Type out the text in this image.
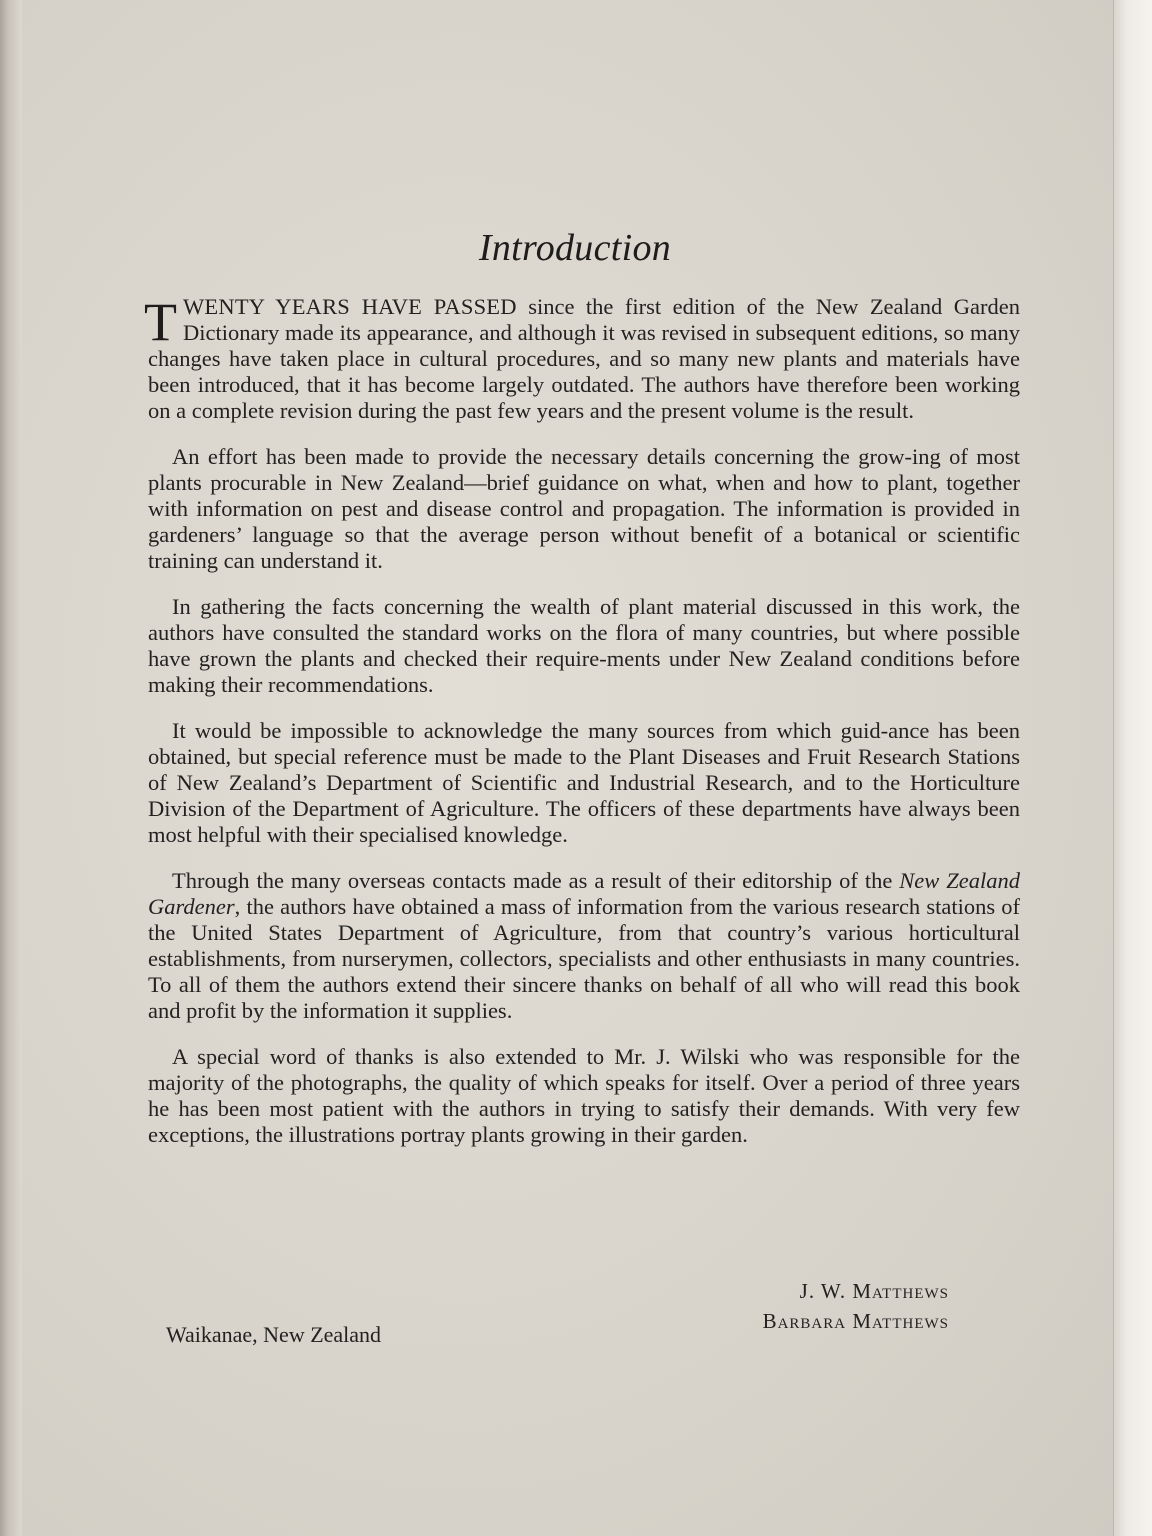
Introduction

TWENTY YEARS HAVE PASSED since the first edition of the New Zealand Garden Dictionary made its appearance, and although it was revised in subsequent editions, so many changes have taken place in cultural procedures, and so many new plants and materials have been introduced, that it has become largely outdated. The authors have therefore been working on a complete revision during the past few years and the present volume is the result.

An effort has been made to provide the necessary details concerning the grow-ing of most plants procurable in New Zealand—brief guidance on what, when and how to plant, together with information on pest and disease control and propagation. The information is provided in gardeners’ language so that the average person without benefit of a botanical or scientific training can understand it.

In gathering the facts concerning the wealth of plant material discussed in this work, the authors have consulted the standard works on the flora of many countries, but where possible have grown the plants and checked their require-ments under New Zealand conditions before making their recommendations.

It would be impossible to acknowledge the many sources from which guid-ance has been obtained, but special reference must be made to the Plant Diseases and Fruit Research Stations of New Zealand’s Department of Scientific and Industrial Research, and to the Horticulture Division of the Department of Agriculture. The officers of these departments have always been most helpful with their specialised knowledge.

Through the many overseas contacts made as a result of their editorship of the New Zealand Gardener, the authors have obtained a mass of information from the various research stations of the United States Department of Agriculture, from that country’s various horticultural establishments, from nurserymen, collectors, specialists and other enthusiasts in many countries. To all of them the authors extend their sincere thanks on behalf of all who will read this book and profit by the information it supplies.

A special word of thanks is also extended to Mr. J. Wilski who was responsible for the majority of the photographs, the quality of which speaks for itself. Over a period of three years he has been most patient with the authors in trying to satisfy their demands. With very few exceptions, the illustrations portray plants growing in their garden.

J. W. Matthews
Barbara Matthews
Waikanae, New Zealand
